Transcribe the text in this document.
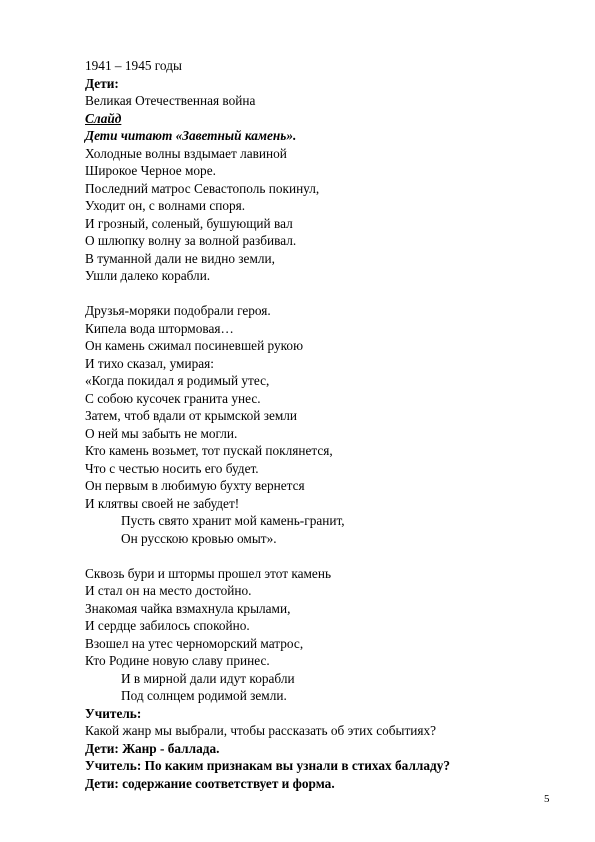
1941 – 1945 годы
Дети:
Великая Отечественная война
Слайд
Дети читают «Заветный камень».
Холодные волны вздымает лавиной
Широкое Черное море.
Последний матрос Севастополь покинул,
Уходит он, с волнами споря.
И грозный, соленый, бушующий вал
О шлюпку волну за волной разбивал.
В туманной дали не видно земли,
Ушли далеко корабли.
Друзья-моряки подобрали героя.
Кипела вода штормовая…
Он камень сжимал посиневшей рукою
И тихо сказал, умирая:
«Когда покидал я родимый утес,
С собою кусочек гранита унес.
Затем, чтоб вдали от крымской земли
О ней мы забыть не могли.
Кто камень возьмет, тот пускай поклянется,
Что с честью носить его будет.
Он первым в любимую бухту вернется
И клятвы своей не забудет!
Пусть свято хранит мой камень-гранит,
Он русскою кровью омыт».
Сквозь бури и штормы прошел этот камень
И стал он на место достойно.
Знакомая чайка взмахнула крылами,
И сердце забилось спокойно.
Взошел на утес черноморский матрос,
Кто Родине новую славу принес.
И в мирной дали идут корабли
Под солнцем родимой земли.
Учитель:
Какой жанр мы выбрали, чтобы рассказать об этих событиях?
Дети: Жанр - баллада.
Учитель: По каким признакам вы узнали в стихах балладу?
Дети: содержание соответствует и форма.
5
